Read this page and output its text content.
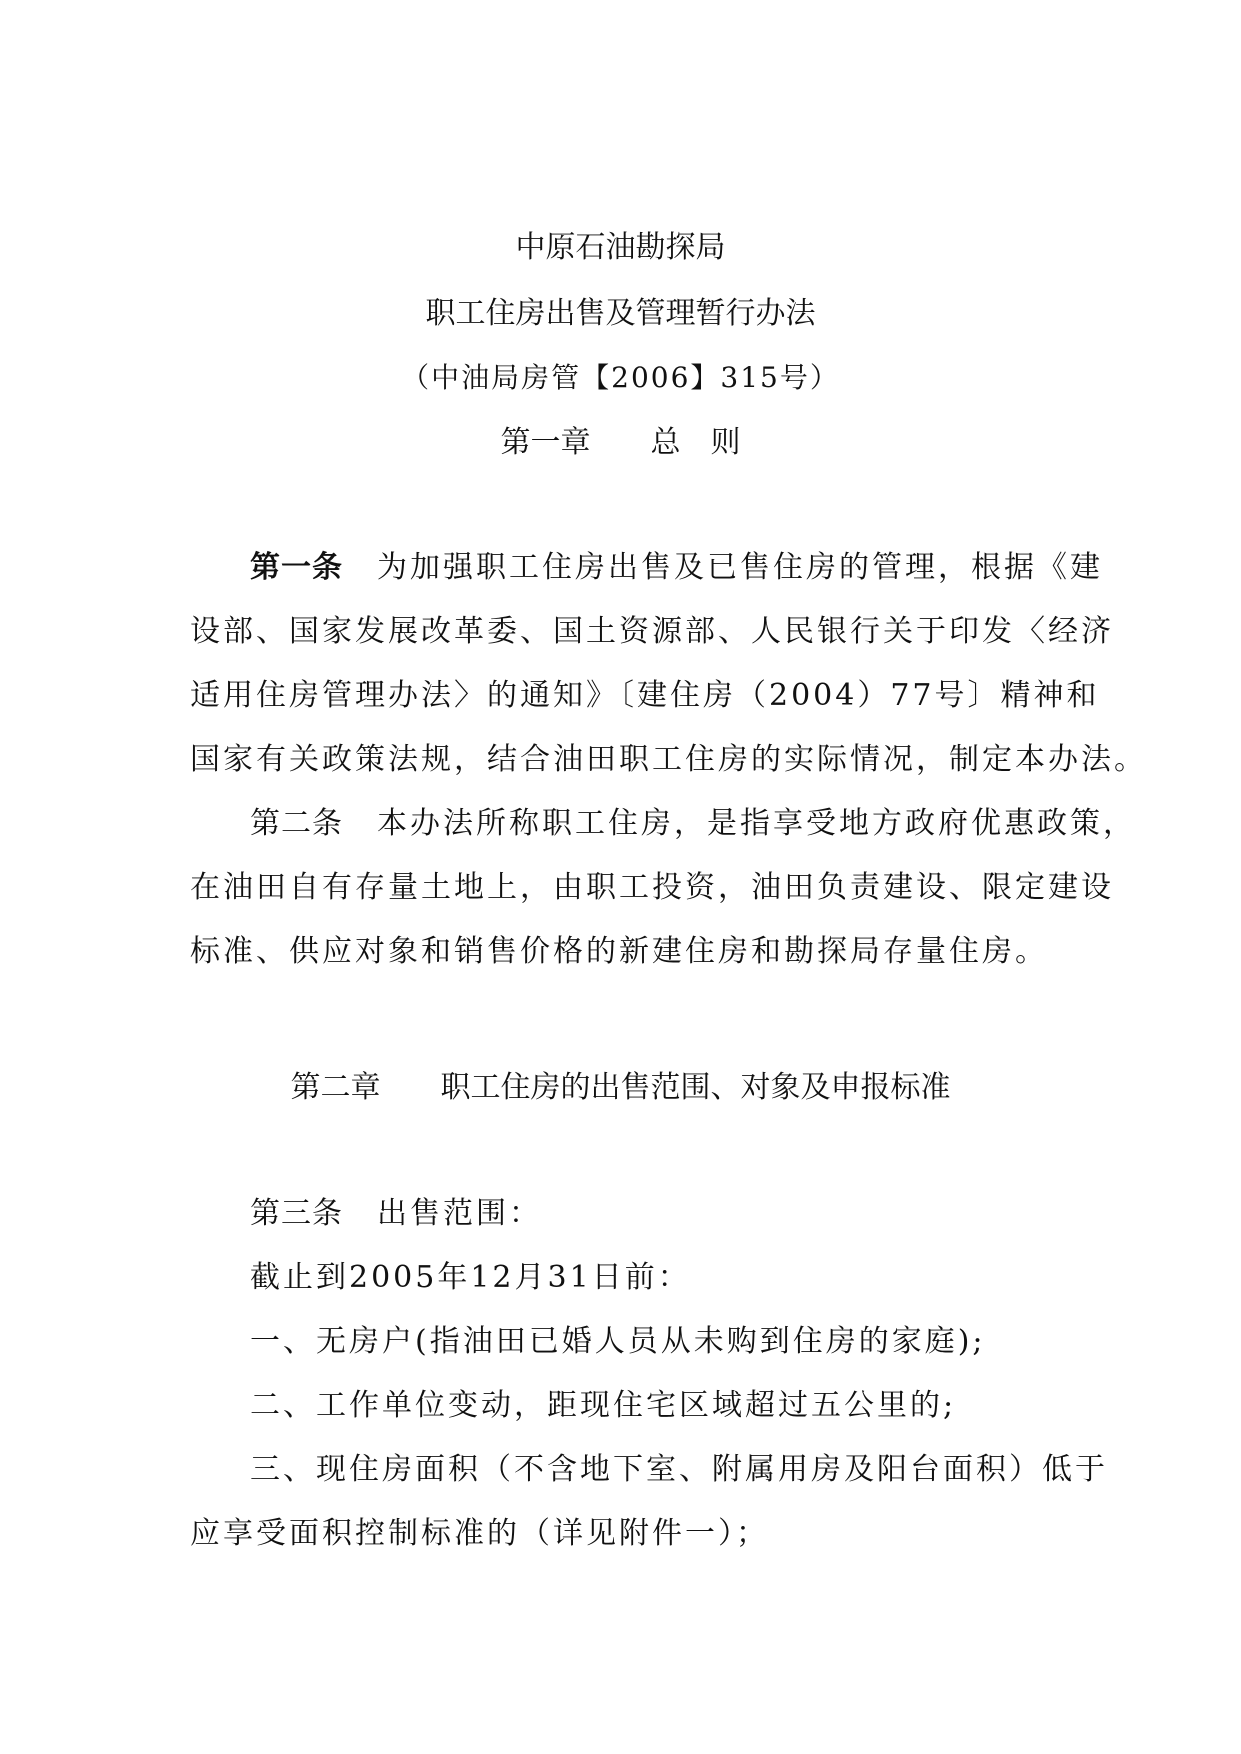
中原石油勘探局
职工住房出售及管理暂行办法
（中油局房管【2006】315号）
第一章 总 则
第一条 为加强职工住房出售及已售住房的管理，根据《建
设部、国家发展改革委、国土资源部、人民银行关于印发〈经济
适用住房管理办法〉的通知》〔建住房（2004）77号〕精神和
国家有关政策法规，结合油田职工住房的实际情况，制定本办法。
第二条 本办法所称职工住房，是指享受地方政府优惠政策，
在油田自有存量土地上，由职工投资，油田负责建设、限定建设
标准、供应对象和销售价格的新建住房和勘探局存量住房。
第二章 职工住房的出售范围、对象及申报标准
第三条 出售范围：
截止到2005年12月31日前：
一、无房户(指油田已婚人员从未购到住房的家庭);
二、工作单位变动，距现住宅区域超过五公里的;
三、现住房面积（不含地下室、附属用房及阳台面积）低于
应享受面积控制标准的（详见附件一）；
